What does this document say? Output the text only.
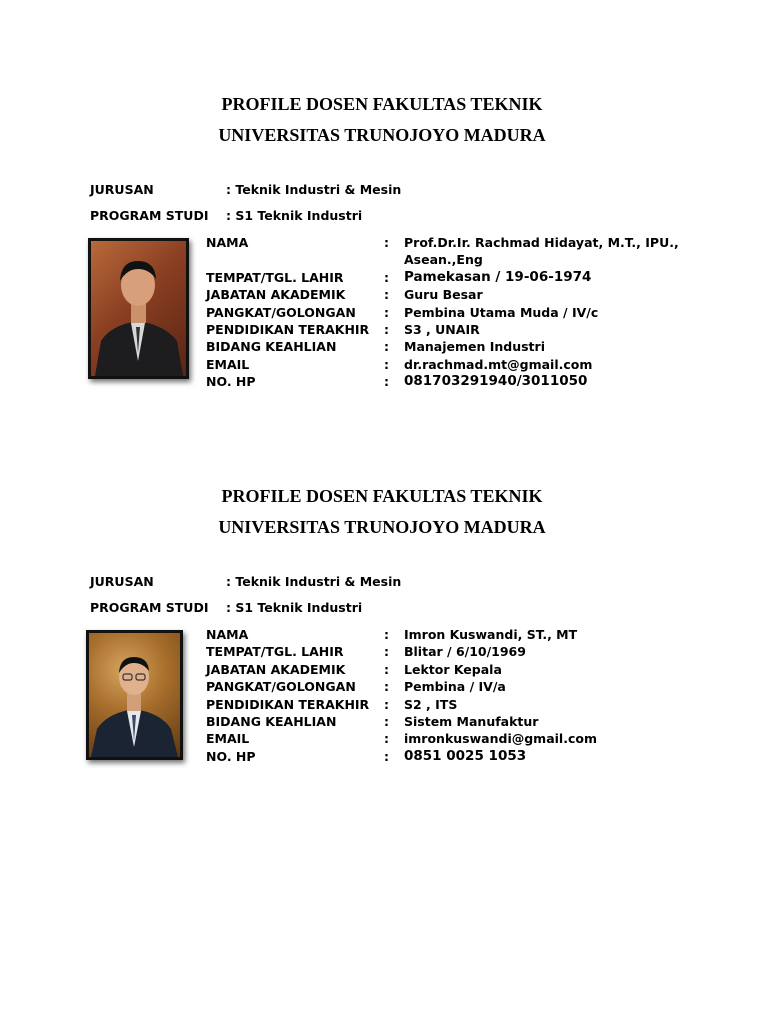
PROFILE DOSEN FAKULTAS TEKNIK
UNIVERSITAS TRUNOJOYO MADURA
JURUSAN	: Teknik Industri & Mesin
PROGRAM STUDI : S1 Teknik Industri
NAMA	:	Prof.Dr.Ir. Rachmad Hidayat, M.T., IPU., Asean.,Eng
TEMPAT/TGL. LAHIR	:	Pamekasan / 19-06-1974
JABATAN AKADEMIK	:	Guru Besar
PANGKAT/GOLONGAN	:	Pembina Utama Muda / IV/c
PENDIDIKAN TERAKHIR	:	S3 , UNAIR
BIDANG KEAHLIAN	:	Manajemen Industri
EMAIL	:	dr.rachmad.mt@gmail.com
NO. HP	:	081703291940/3011050
PROFILE DOSEN FAKULTAS TEKNIK
UNIVERSITAS TRUNOJOYO MADURA
JURUSAN	: Teknik Industri & Mesin
PROGRAM STUDI : S1 Teknik Industri
NAMA	:	Imron Kuswandi, ST., MT
TEMPAT/TGL. LAHIR	:	Blitar / 6/10/1969
JABATAN AKADEMIK	:	Lektor Kepala
PANGKAT/GOLONGAN	:	Pembina / IV/a
PENDIDIKAN TERAKHIR	:	S2 , ITS
BIDANG KEAHLIAN	:	Sistem Manufaktur
EMAIL	:	imronkuswandi@gmail.com
NO. HP	:	0851 0025 1053
